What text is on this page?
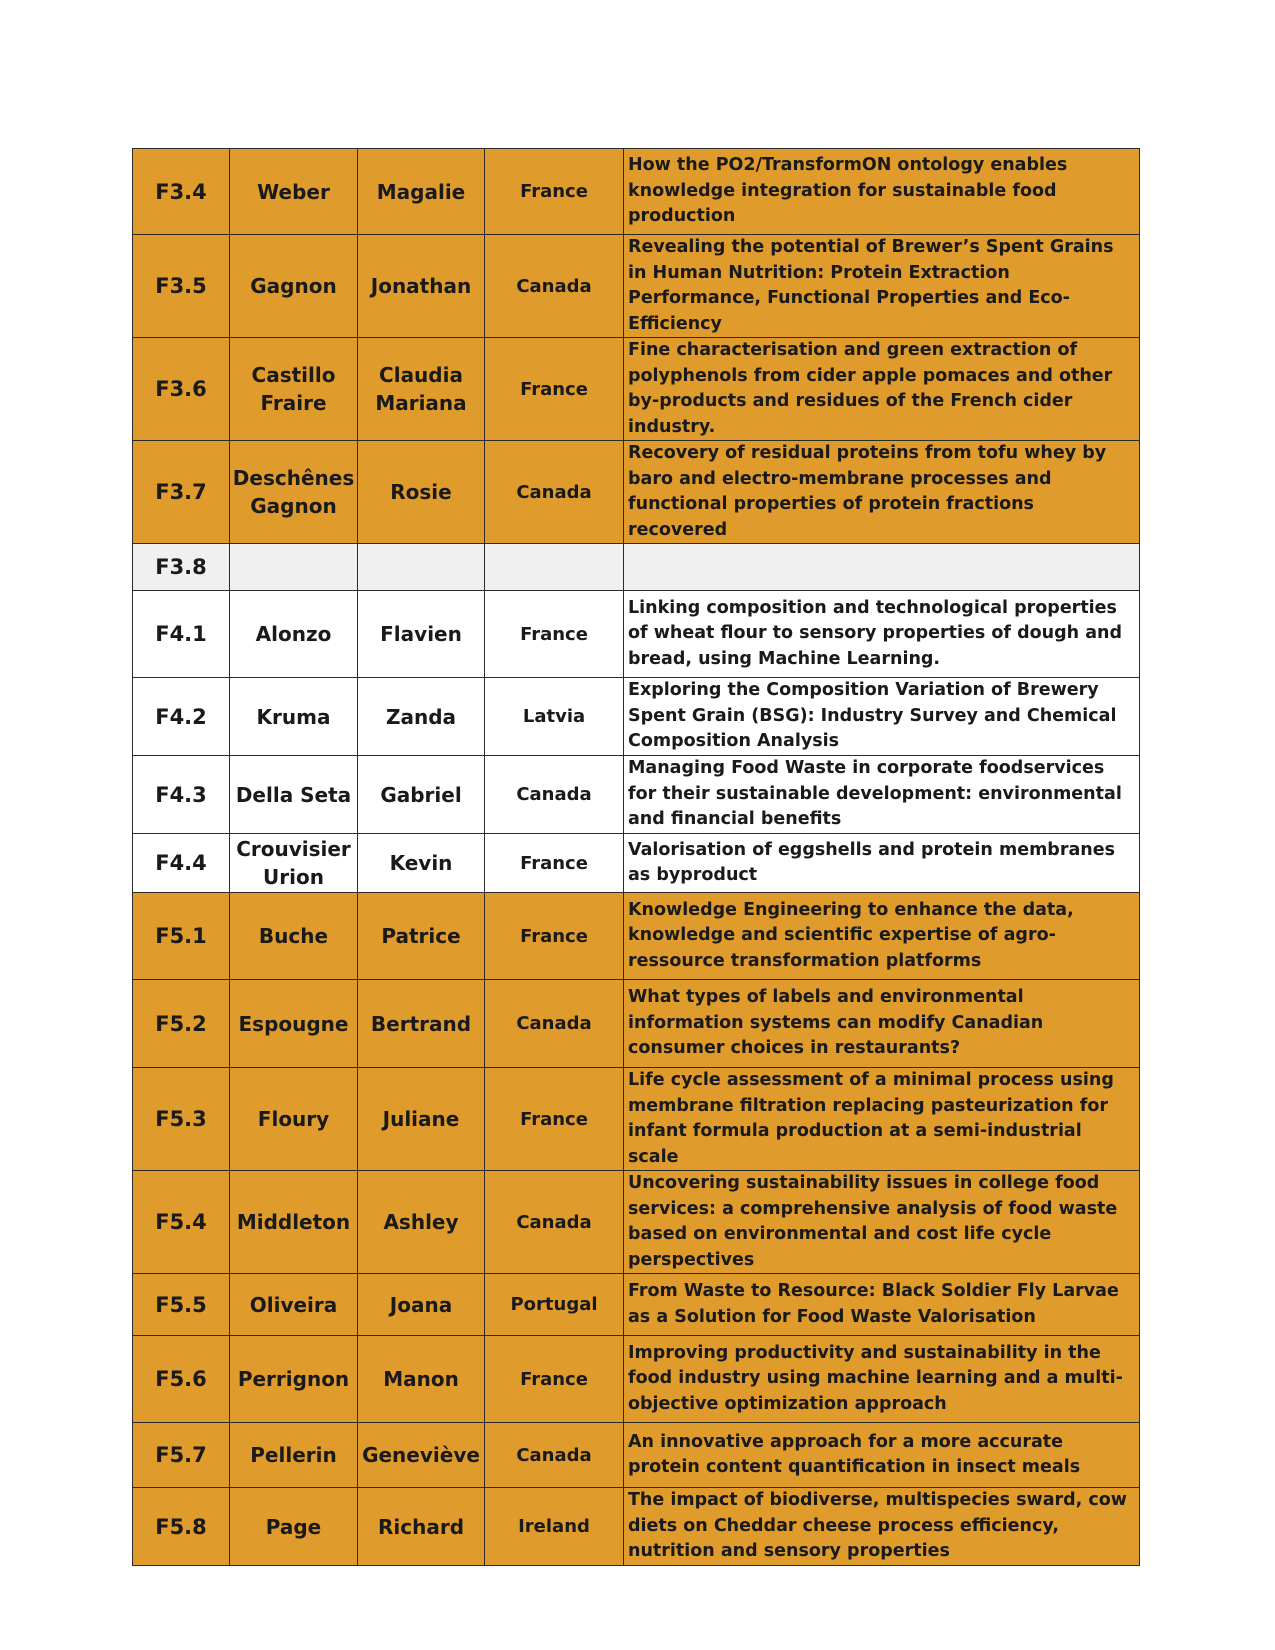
F3.4	Weber	Magalie	France	How the PO2/TransformON ontology enables knowledge integration for sustainable food production
F3.5	Gagnon	Jonathan	Canada	Revealing the potential of Brewer’s Spent Grains in Human Nutrition: Protein Extraction Performance, Functional Properties and Eco-Efficiency
F3.6	Castillo Fraire	Claudia Mariana	France	Fine characterisation and green extraction of polyphenols from cider apple pomaces and other by-products and residues of the French cider industry.
F3.7	Deschênes Gagnon	Rosie	Canada	Recovery of residual proteins from tofu whey by baro and electro-membrane processes and functional properties of protein fractions recovered
F3.8				
F4.1	Alonzo	Flavien	France	Linking composition and technological properties of wheat flour to sensory properties of dough and bread, using Machine Learning.
F4.2	Kruma	Zanda	Latvia	Exploring the Composition Variation of Brewery Spent Grain (BSG): Industry Survey and Chemical Composition Analysis
F4.3	Della Seta	Gabriel	Canada	Managing Food Waste in corporate foodservices for their sustainable development: environmental and financial benefits
F4.4	Crouvisier Urion	Kevin	France	Valorisation of eggshells and protein membranes as byproduct
F5.1	Buche	Patrice	France	Knowledge Engineering to enhance the data, knowledge and scientific expertise of agro-ressource transformation platforms
F5.2	Espougne	Bertrand	Canada	What types of labels and environmental information systems can modify Canadian consumer choices in restaurants?
F5.3	Floury	Juliane	France	Life cycle assessment of a minimal process using membrane filtration replacing pasteurization for infant formula production at a semi-industrial scale
F5.4	Middleton	Ashley	Canada	Uncovering sustainability issues in college food services: a comprehensive analysis of food waste based on environmental and cost life cycle perspectives
F5.5	Oliveira	Joana	Portugal	From Waste to Resource: Black Soldier Fly Larvae as a Solution for Food Waste Valorisation
F5.6	Perrignon	Manon	France	Improving productivity and sustainability in the food industry using machine learning and a multi-objective optimization approach
F5.7	Pellerin	Geneviève	Canada	An innovative approach for a more accurate protein content quantification in insect meals
F5.8	Page	Richard	Ireland	The impact of biodiverse, multispecies sward, cow diets on Cheddar cheese process efficiency, nutrition and sensory properties
